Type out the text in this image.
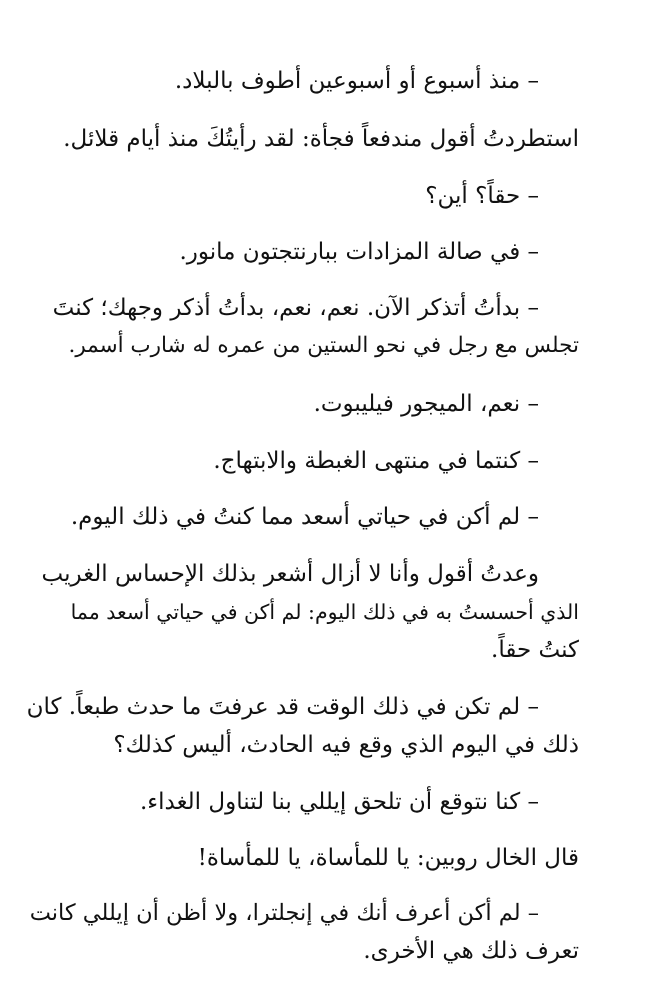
– منذ أسبوع أو أسبوعين أطوف بالبلاد.

استطردتُ أقول مندفعاً فجأة: لقد رأيتُكَ منذ أيام قلائل.

– حقاً؟ أين؟

– في صالة المزادات ببارنتجتون مانور.

– بدأتُ أتذكر الآن. نعم، نعم، بدأتُ أذكر وجهك؛ كنتَ
تجلس مع رجل في نحو الستين من عمره له شارب أسمر.

– نعم، الميجور فيليبوت.

– كنتما في منتهى الغبطة والابتهاج.

– لم أكن في حياتي أسعد مما كنتُ في ذلك اليوم.

وعدتُ أقول وأنا لا أزال أشعر بذلك الإحساس الغريب
الذي أحسستُ به في ذلك اليوم: لم أكن في حياتي أسعد مما
كنتُ حقاً.

– لم تكن في ذلك الوقت قد عرفتَ ما حدث طبعاً. كان
ذلك في اليوم الذي وقع فيه الحادث، أليس كذلك؟

– كنا نتوقع أن تلحق إيللي بنا لتناول الغداء.

قال الخال روبين: يا للمأساة، يا للمأساة!

– لم أكن أعرف أنك في إنجلترا، ولا أظن أن إيللي كانت
تعرف ذلك هي الأخرى.
